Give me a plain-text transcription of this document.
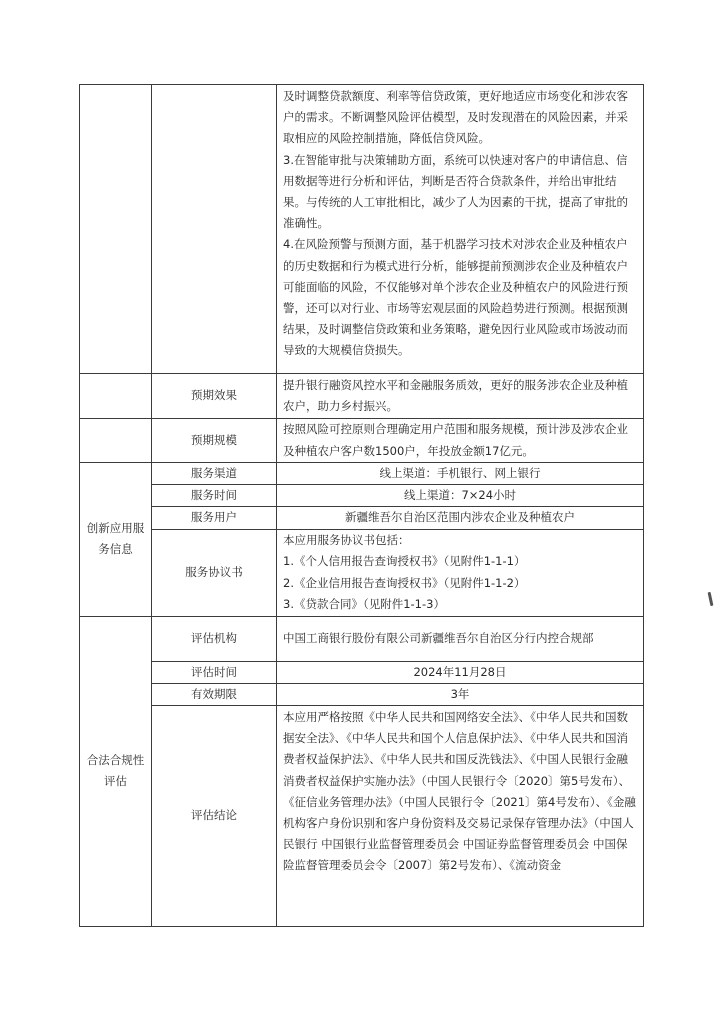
		及时调整贷款额度、利率等信贷政策，更好地适应市场变化和涉农客户的需求。不断调整风险评估模型，及时发现潜在的风险因素，并采取相应的风险控制措施，降低信贷风险。

3.在智能审批与决策辅助方面，系统可以快速对客户的申请信息、信用数据等进行分析和评估，判断是否符合贷款条件，并给出审批结果。与传统的人工审批相比，减少了人为因素的干扰，提高了审批的准确性。

4.在风险预警与预测方面，基于机器学习技术对涉农企业及种植农户的历史数据和行为模式进行分析，能够提前预测涉农企业及种植农户可能面临的风险，不仅能够对单个涉农企业及种植农户的风险进行预警，还可以对行业、市场等宏观层面的风险趋势进行预测。根据预测结果，及时调整信贷政策和业务策略，避免因行业风险或市场波动而导致的大规模信贷损失。

	预期效果	提升银行融资风控水平和金融服务质效，更好的服务涉农企业及种植农户，助力乡村振兴。
	预期规模	按照风险可控原则合理确定用户范围和服务规模，预计涉及涉农企业及种植农户客户数1500户，年投放金额17亿元。
创新应用服务信息	服务渠道	线上渠道：手机银行、网上银行
	服务时间	线上渠道：7×24小时
	服务用户	新疆维吾尔自治区范围内涉农企业及种植农户
	服务协议书	本应用服务协议书包括：
1.《个人信用报告查询授权书》（见附件1-1-1）
2.《企业信用报告查询授权书》（见附件1-1-2）
3.《贷款合同》（见附件1-1-3）

合法合规性评估	评估机构	中国工商银行股份有限公司新疆维吾尔自治区分行内控合规部
	评估时间	2024年11月28日
	有效期限	3年
	评估结论	本应用严格按照《中华人民共和国网络安全法》、《中华人民共和国数据安全法》、《中华人民共和国个人信息保护法》、《中华人民共和国消费者权益保护法》、《中华人民共和国反洗钱法》、《中国人民银行金融消费者权益保护实施办法》（中国人民银行令〔2020〕第5号发布）、《征信业务管理办法》（中国人民银行令〔2021〕第4号发布）、《金融机构客户身份识别和客户身份资料及交易记录保存管理办法》（中国人民银行 中国银行业监督管理委员会 中国证券监督管理委员会 中国保险监督管理委员会令〔2007〕第2号发布）、《流动资金
